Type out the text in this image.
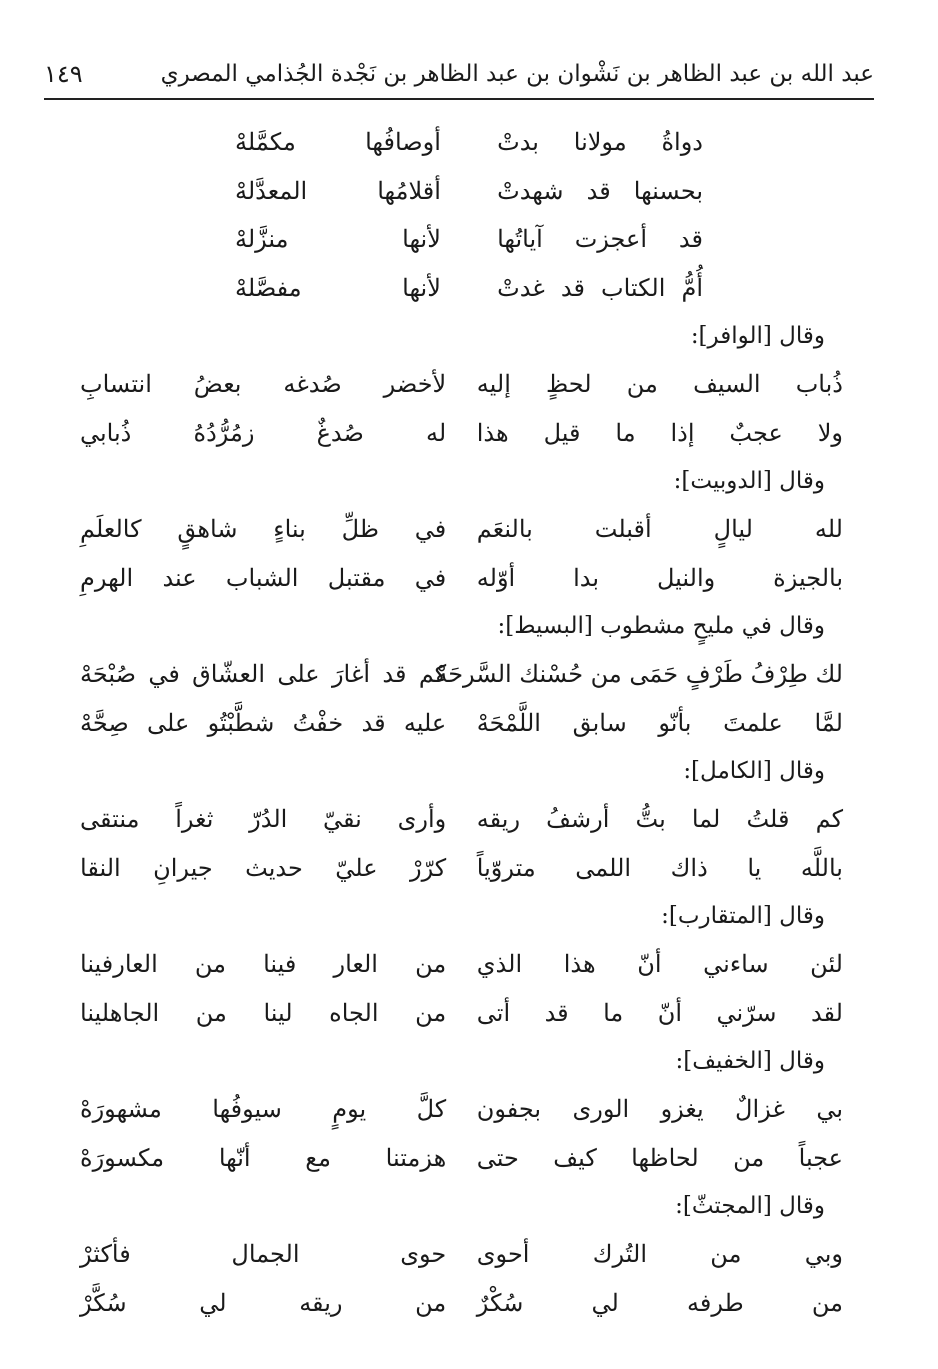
عبد الله بن عبد الظاهر بن نَشْوان بن عبد الظاهر بن نَجْدة الجُذامي المصري
١٤٩
دواةُ مولانا بدتْ
أوصافُها مكمَّلهْ
بحسنها قد شهدتْ
أقلامُها المعدَّلهْ
قد أعجزت آياتُها
لأنها منزَّلهْ
أُمُّ الكتاب قد غدتْ
لأنها مفصَّلهْ
وقال [الوافر]:
ذُباب السيف من لحظٍ إليه
لأخضر صُدغه بعضُ انتسابِ
ولا عجبٌ إذا ما قيل هذا
له صُدغٌ زمُرُّدُهُ ذُبابي
وقال [الدوبيت]:
لله ليالٍ أقبلت بالنعَم
في ظلِّ بناءٍ شاهقٍ كالعلَمِ
بالجيزة والنيل بدا أوّله
في مقتبل الشباب عند الهرمِ
وقال في مليحٍ مشطوب [البسيط]:
لك طِرْفُ طَرْفٍ حَمَى من حُسْنك السَّرحَهْ
كم قد أغارَ على العشّاق في صُبْحَهْ
لمَّا علمتَ بأنّو سابق اللَّمْحَهْ
عليه قد خفْتُ شطَّبْتُو على صِحَّهْ
وقال [الكامل]:
كم قلتُ لما بتُّ أرشفُ ريقه
وأرى نقيّ الدُرّ ثغراً منتقى
باللَّه يا ذاك اللمى متروّياً
كرّرْ عليّ حديث جيرانِ النقا
وقال [المتقارب]:
لئن ساءني أنّ هذا الذي
من العار فينا من العارفينا
لقد سرّني أنّ ما قد أتى
من الجاه لينا من الجاهلينا
وقال [الخفيف]:
بي غزالٌ يغزو الورى بجفون
كلَّ يومٍ سيوفُها مشهورَهْ
عجباً من لحاظها كيف حتى
هزمتنا مع أنّها مكسورَهْ
وقال [المجتثّ]:
وبي من التُرك أحوى
حوى الجمال فأكثرْ
من طرفه لي سُكْرٌ
من ريقه لي سُكَّرْ
